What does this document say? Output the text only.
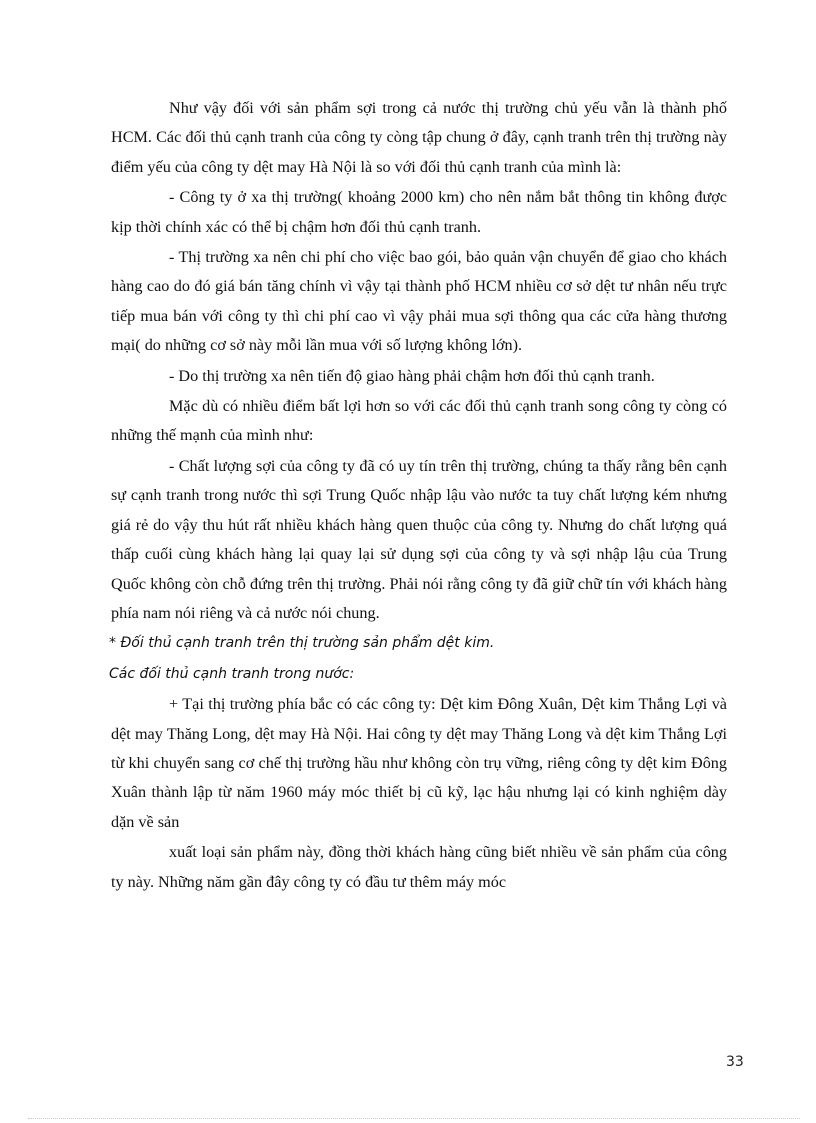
Như vậy đối với sản phẩm sợi trong cả nước thị trường chủ yếu vẫn là thành phố HCM. Các đối thủ cạnh tranh của công ty còng tập chung ở đây, cạnh tranh trên thị trường này điểm yếu của công ty dệt may Hà Nội là so với đối thủ cạnh tranh của mình là:

- Công ty ở xa thị trường( khoảng 2000 km) cho nên nắm bắt thông tin không được kịp thời chính xác có thể bị chậm hơn đối thủ cạnh tranh.

- Thị trường xa nên chi phí cho việc bao gói, bảo quản vận chuyển để giao cho khách hàng cao do đó giá bán tăng chính vì vậy tại thành phố HCM nhiều cơ sở dệt tư nhân nếu trực tiếp mua bán với công ty thì chi phí cao vì vậy phải mua sợi thông qua các cửa hàng thương mại( do những cơ sở này mỗi lần mua với số lượng không lớn).

- Do thị trường xa nên tiến độ giao hàng phải chậm hơn đối thủ cạnh tranh.

Mặc dù có nhiều điểm bất lợi hơn so với các đối thủ cạnh tranh song công ty còng có những thế mạnh của mình như:

- Chất lượng sợi của công ty đã có uy tín trên thị trường, chúng ta thấy rằng bên cạnh sự cạnh tranh trong nước thì sợi Trung Quốc nhập lậu vào nước ta tuy chất lượng kém nhưng giá rẻ do vậy thu hút rất nhiều khách hàng quen thuộc của công ty. Nhưng do chất lượng quá thấp cuối cùng khách hàng lại quay lại sử dụng sợi của công ty và sợi nhập lậu của Trung Quốc không còn chỗ đứng trên thị trường. Phải nói rằng công ty đã giữ chữ tín với khách hàng phía nam nói riêng và cả nước nói chung.

* Đối thủ cạnh tranh trên thị trường sản phẩm dệt kim.

Các đối thủ cạnh tranh trong nước:

+ Tại thị trường phía bắc có các công ty: Dệt kim Đông Xuân, Dệt kim Thắng Lợi và dệt may Thăng Long, dệt may Hà Nội. Hai công ty dệt may Thăng Long và dệt kim Thắng Lợi từ khi chuyển sang cơ chế thị trường hầu như không còn trụ vững, riêng công ty dệt kim Đông Xuân thành lập từ năm 1960 máy móc thiết bị cũ kỹ, lạc hậu nhưng lại có kinh nghiệm dày dặn về sản

xuất loại sản phẩm này, đồng thời khách hàng cũng biết nhiều về sản phẩm của công ty này. Những năm gần đây công ty có đầu tư thêm máy móc

33
